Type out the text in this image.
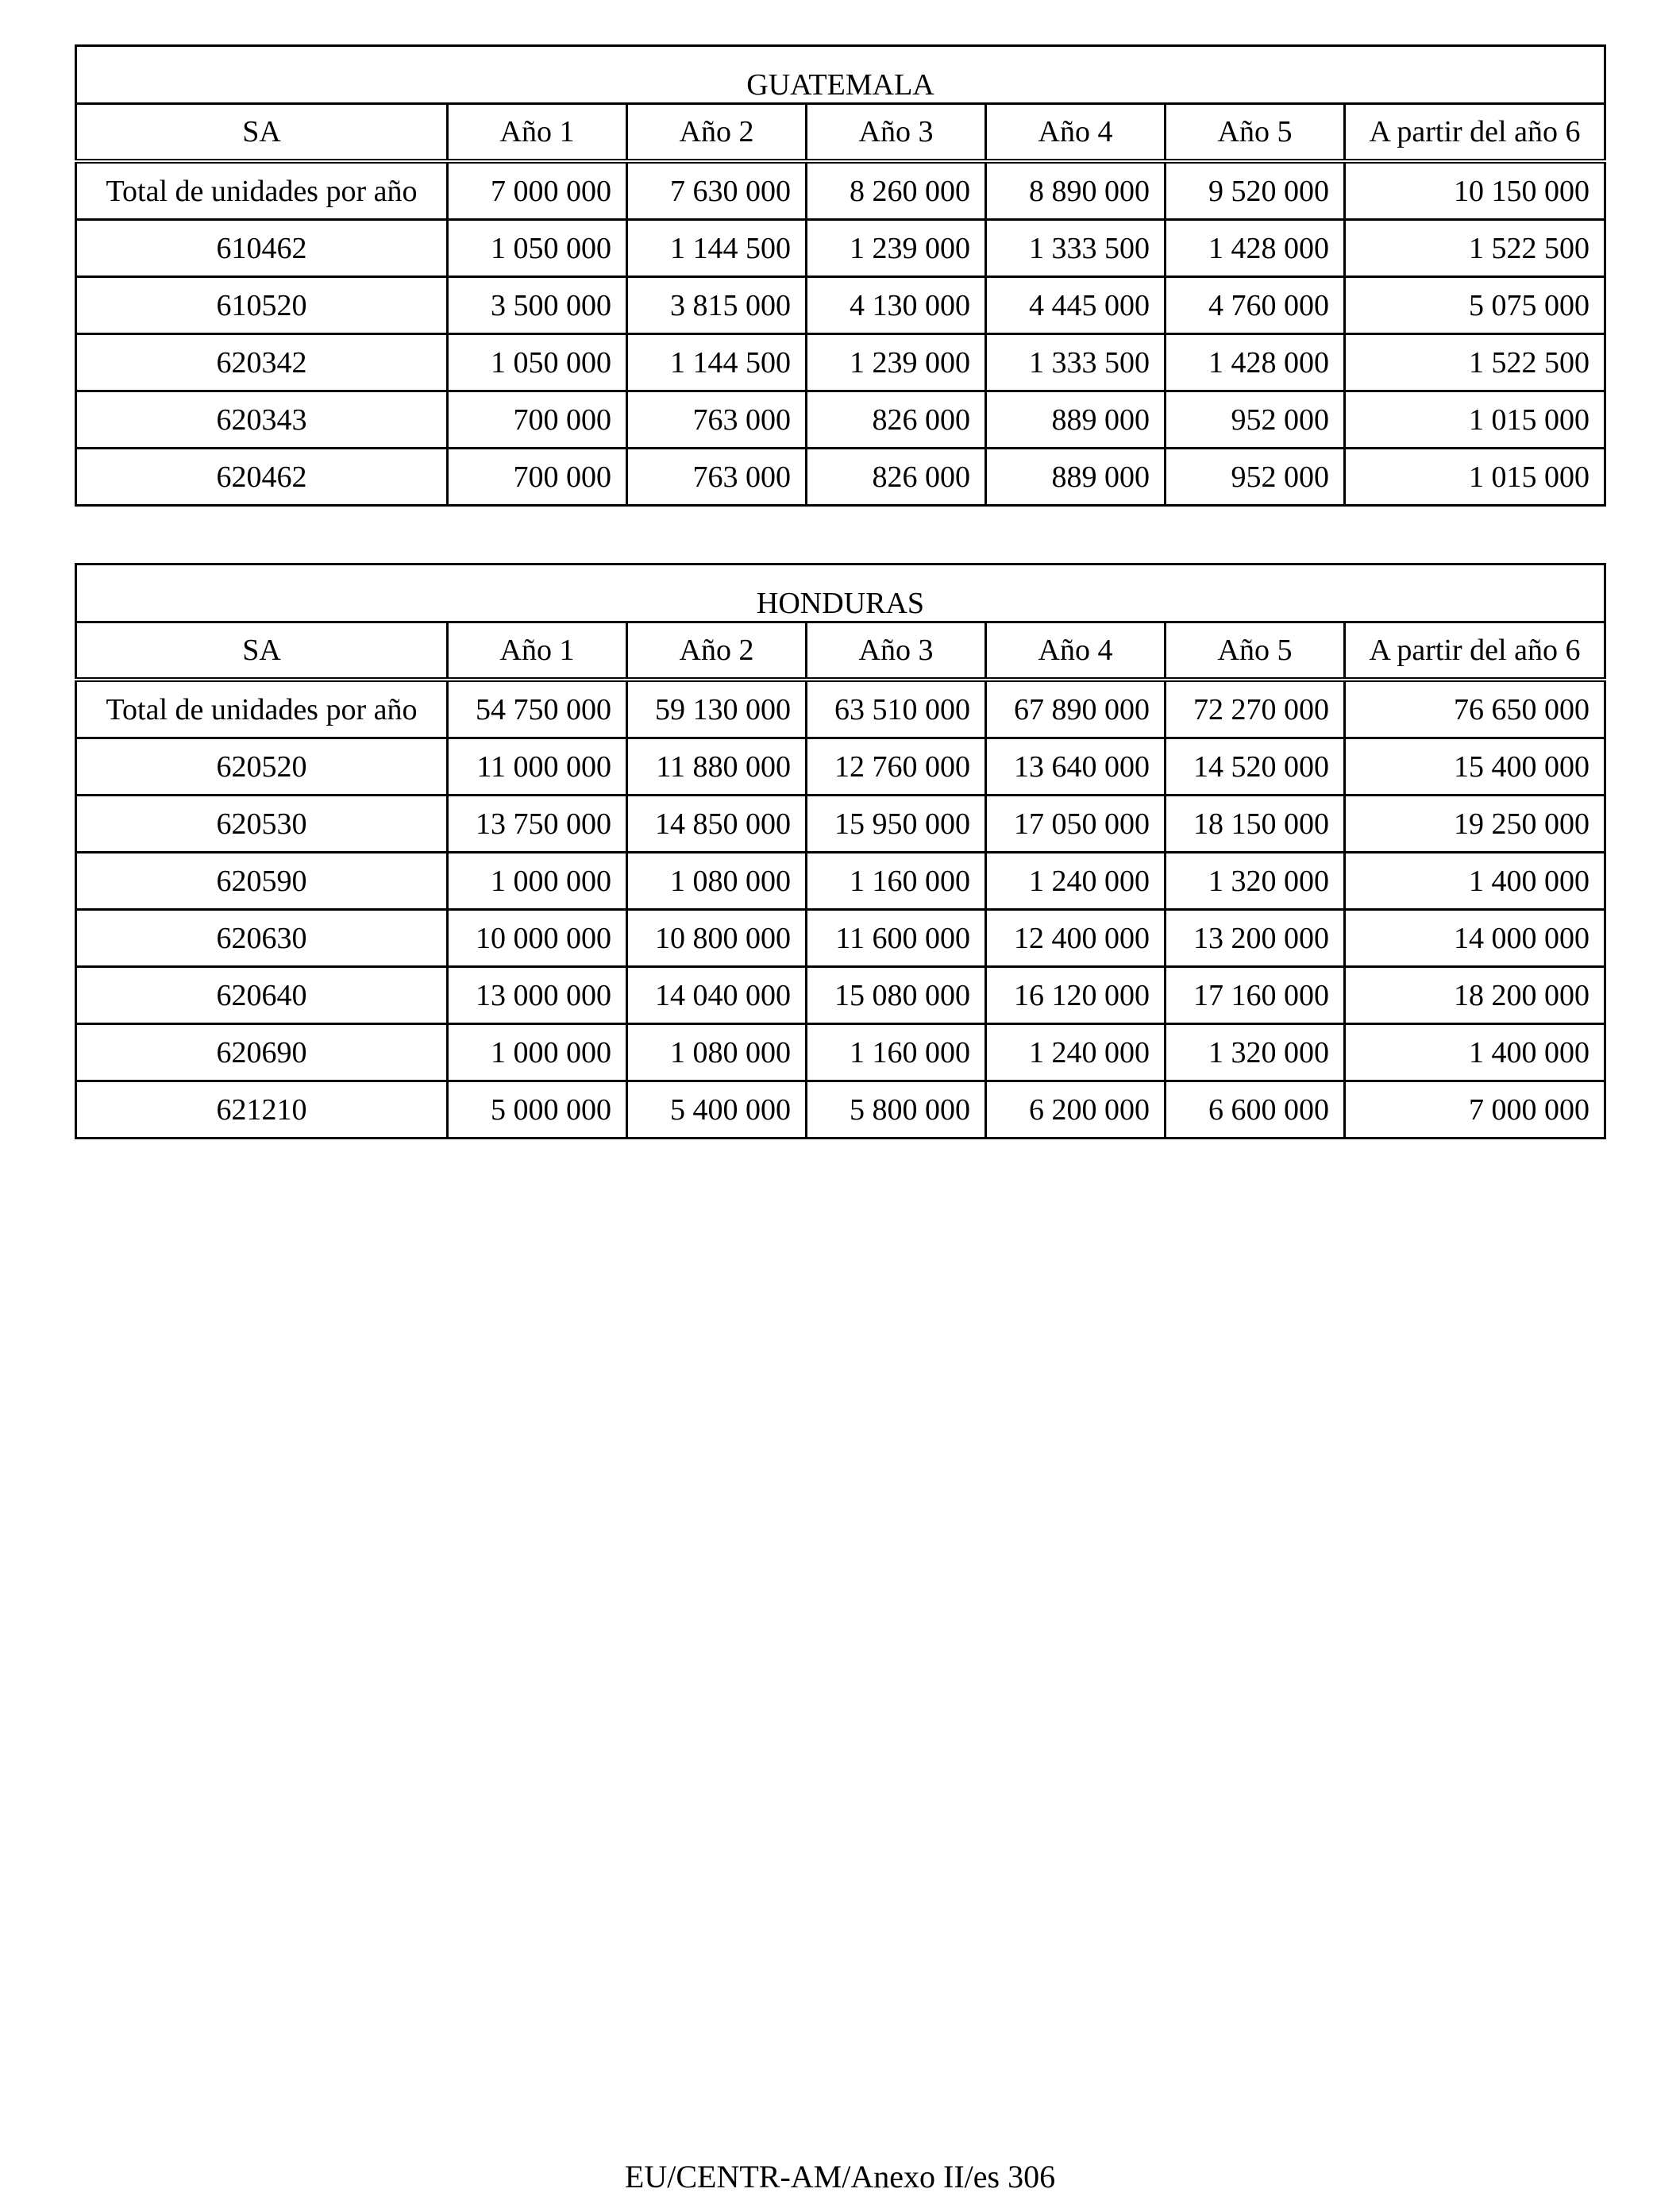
GUATEMALA						
SA	Año 1	Año 2	Año 3	Año 4	Año 5	A partir del año 6
Total de unidades por año	7 000 000	7 630 000	8 260 000	8 890 000	9 520 000	10 150 000
610462	1 050 000	1 144 500	1 239 000	1 333 500	1 428 000	1 522 500
610520	3 500 000	3 815 000	4 130 000	4 445 000	4 760 000	5 075 000
620342	1 050 000	1 144 500	1 239 000	1 333 500	1 428 000	1 522 500
620343	700 000	763 000	826 000	889 000	952 000	1 015 000
620462	700 000	763 000	826 000	889 000	952 000	1 015 000
HONDURAS						
SA	Año 1	Año 2	Año 3	Año 4	Año 5	A partir del año 6
Total de unidades por año	54 750 000	59 130 000	63 510 000	67 890 000	72 270 000	76 650 000
620520	11 000 000	11 880 000	12 760 000	13 640 000	14 520 000	15 400 000
620530	13 750 000	14 850 000	15 950 000	17 050 000	18 150 000	19 250 000
620590	1 000 000	1 080 000	1 160 000	1 240 000	1 320 000	1 400 000
620630	10 000 000	10 800 000	11 600 000	12 400 000	13 200 000	14 000 000
620640	13 000 000	14 040 000	15 080 000	16 120 000	17 160 000	18 200 000
620690	1 000 000	1 080 000	1 160 000	1 240 000	1 320 000	1 400 000
621210	5 000 000	5 400 000	5 800 000	6 200 000	6 600 000	7 000 000
EU/CENTR-AM/Anexo II/es 306
